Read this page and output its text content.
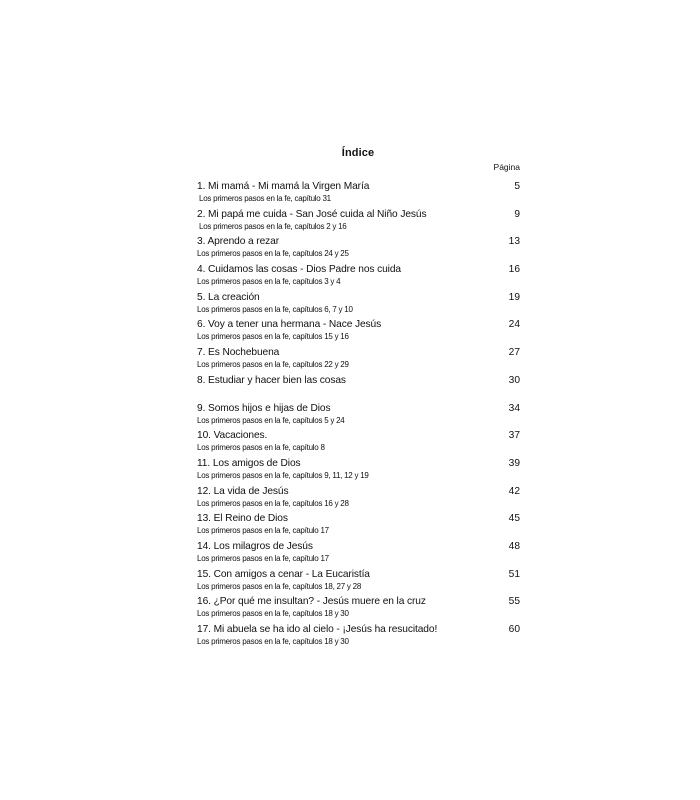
Índice
Página
1. Mi mamá - Mi mamá la Virgen María
Los primeros pasos en la fe, capítulo 31
5
2. Mi papá me cuida - San José cuida al Niño Jesús
Los primeros pasos en la fe, capítulos 2 y 16
9
3. Aprendo a rezar
Los primeros pasos en la fe, capítulos 24 y 25
13
4. Cuidamos las cosas - Dios Padre nos cuida
Los primeros pasos en la fe, capítulos 3 y 4
16
5. La creación
Los primeros pasos en la fe, capítulos 6, 7 y 10
19
6. Voy a tener una hermana - Nace Jesús
Los primeros pasos en la fe, capítulos 15 y 16
24
7. Es Nochebuena
Los primeros pasos en la fe, capítulos 22 y 29
27
8. Estudiar y hacer bien las cosas	30
9. Somos hijos e hijas de Dios
Los primeros pasos en la fe, capítulos 5 y 24
34
10. Vacaciones.
Los primeros pasos en la fe, capítulo 8
37
11. Los amigos de Dios
Los primeros pasos en la fe, capítulos 9, 11, 12 y 19
39
12. La vida de Jesús
Los primeros pasos en la fe, capítulos 16 y 28
42
13. El Reino de Dios
Los primeros pasos en la fe, capítulo 17
45
14. Los milagros de Jesús
Los primeros pasos en la fe, capítulo 17
48
15. Con amigos a cenar - La Eucaristía
Los primeros pasos en la fe, capítulos 18, 27 y 28
51
16. ¿Por qué me insultan? - Jesús muere en la cruz
Los primeros pasos en la fe, capítulos 18 y 30
55
17. Mi abuela se ha ido al cielo - ¡Jesús ha resucitado!
Los primeros pasos en la fe, capítulos 18 y 30
60
